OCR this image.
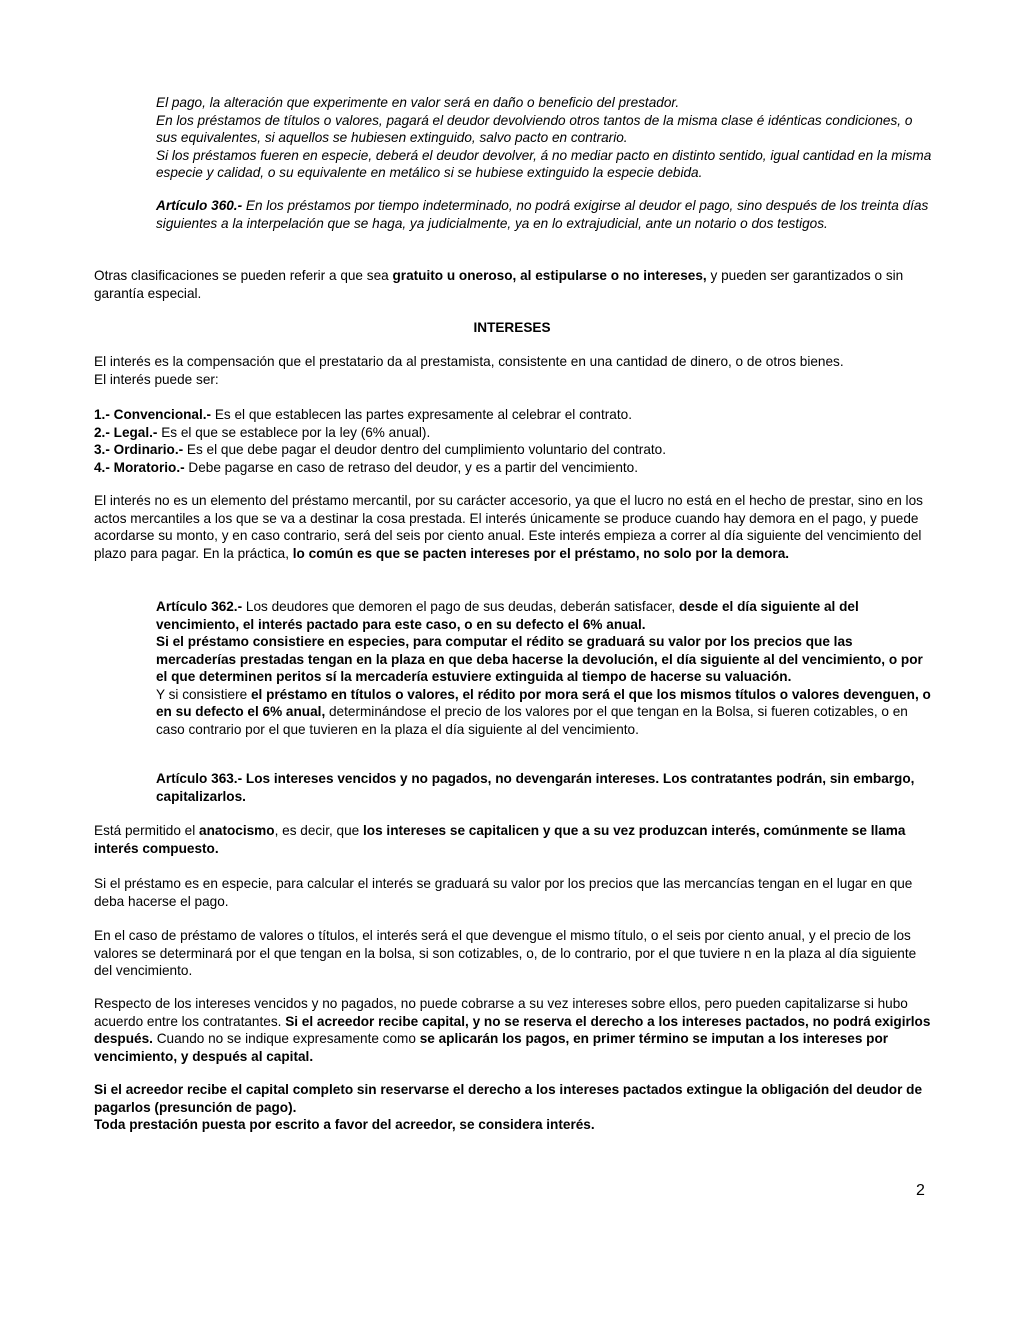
El pago, la alteración que experimente en valor será en daño o beneficio del prestador.

En los préstamos de títulos o valores, pagará el deudor devolviendo otros tantos de la misma clase é idénticas condiciones, o sus equivalentes, si aquellos se hubiesen extinguido, salvo pacto en contrario.

Si los préstamos fueren en especie, deberá el deudor devolver, á no mediar pacto en distinto sentido, igual cantidad en la misma especie y calidad, o su equivalente en metálico si se hubiese extinguido la especie debida.

Artículo 360.- En los préstamos por tiempo indeterminado, no podrá exigirse al deudor el pago, sino después de los treinta días siguientes a la interpelación que se haga, ya judicialmente, ya en lo extrajudicial, ante un notario o dos testigos.

Otras clasificaciones se pueden referir a que sea gratuito u oneroso, al estipularse o no intereses, y pueden ser garantizados o sin garantía especial.

INTERESES

El interés es la compensación que el prestatario da al prestamista, consistente en una cantidad de dinero, o de otros bienes.

El interés puede ser:

1.- Convencional.- Es el que establecen las partes expresamente al celebrar el contrato.

2.- Legal.- Es el que se establece por la ley (6% anual).

3.- Ordinario.- Es el que debe pagar el deudor dentro del cumplimiento voluntario del contrato.

4.- Moratorio.- Debe pagarse en caso de retraso del deudor, y es a partir del vencimiento.

El interés no es un elemento del préstamo mercantil, por su carácter accesorio, ya que el lucro no está en el hecho de prestar, sino en los actos mercantiles a los que se va a destinar la cosa prestada. El interés únicamente se produce cuando hay demora en el pago, y puede acordarse su monto, y en caso contrario, será del seis por ciento anual. Este interés empieza a correr al día siguiente del vencimiento del plazo para pagar. En la práctica, lo común es que se pacten intereses por el préstamo, no solo por la demora.

Artículo 362.- Los deudores que demoren el pago de sus deudas, deberán satisfacer, desde el día siguiente al del vencimiento, el interés pactado para este caso, o en su defecto el 6% anual.

Si el préstamo consistiere en especies, para computar el rédito se graduará su valor por los precios que las mercaderías prestadas tengan en la plaza en que deba hacerse la devolución, el día siguiente al del vencimiento, o por el que determinen peritos sí la mercadería estuviere extinguida al tiempo de hacerse su valuación.

Y si consistiere el préstamo en títulos o valores, el rédito por mora será el que los mismos títulos o valores devenguen, o en su defecto el 6% anual, determinándose el precio de los valores por el que tengan en la Bolsa, si fueren cotizables, o en caso contrario por el que tuvieren en la plaza el día siguiente al del vencimiento.

Artículo 363.- Los intereses vencidos y no pagados, no devengarán intereses. Los contratantes podrán, sin embargo, capitalizarlos.

Está permitido el anatocismo, es decir, que los intereses se capitalicen y que a su vez produzcan interés, comúnmente se llama interés compuesto.

Si el préstamo es en especie, para calcular el interés se graduará su valor por los precios que las mercancías tengan en el lugar en que deba hacerse el pago.

En el caso de préstamo de valores o títulos, el interés será el que devengue el mismo título, o el seis por ciento anual, y el precio de los valores se determinará por el que tengan en la bolsa, si son cotizables, o, de lo contrario, por el que tuviere n en la plaza al día siguiente del vencimiento.

Respecto de los intereses vencidos y no pagados, no puede cobrarse a su vez intereses sobre ellos, pero pueden capitalizarse si hubo acuerdo entre los contratantes. Si el acreedor recibe capital, y no se reserva el derecho a los intereses pactados, no podrá exigirlos después. Cuando no se indique expresamente como se aplicarán los pagos, en primer término se imputan a los intereses por vencimiento, y después al capital.

Si el acreedor recibe el capital completo sin reservarse el derecho a los intereses pactados extingue la obligación del deudor de pagarlos (presunción de pago).

Toda prestación puesta por escrito a favor del acreedor, se considera interés.

2
